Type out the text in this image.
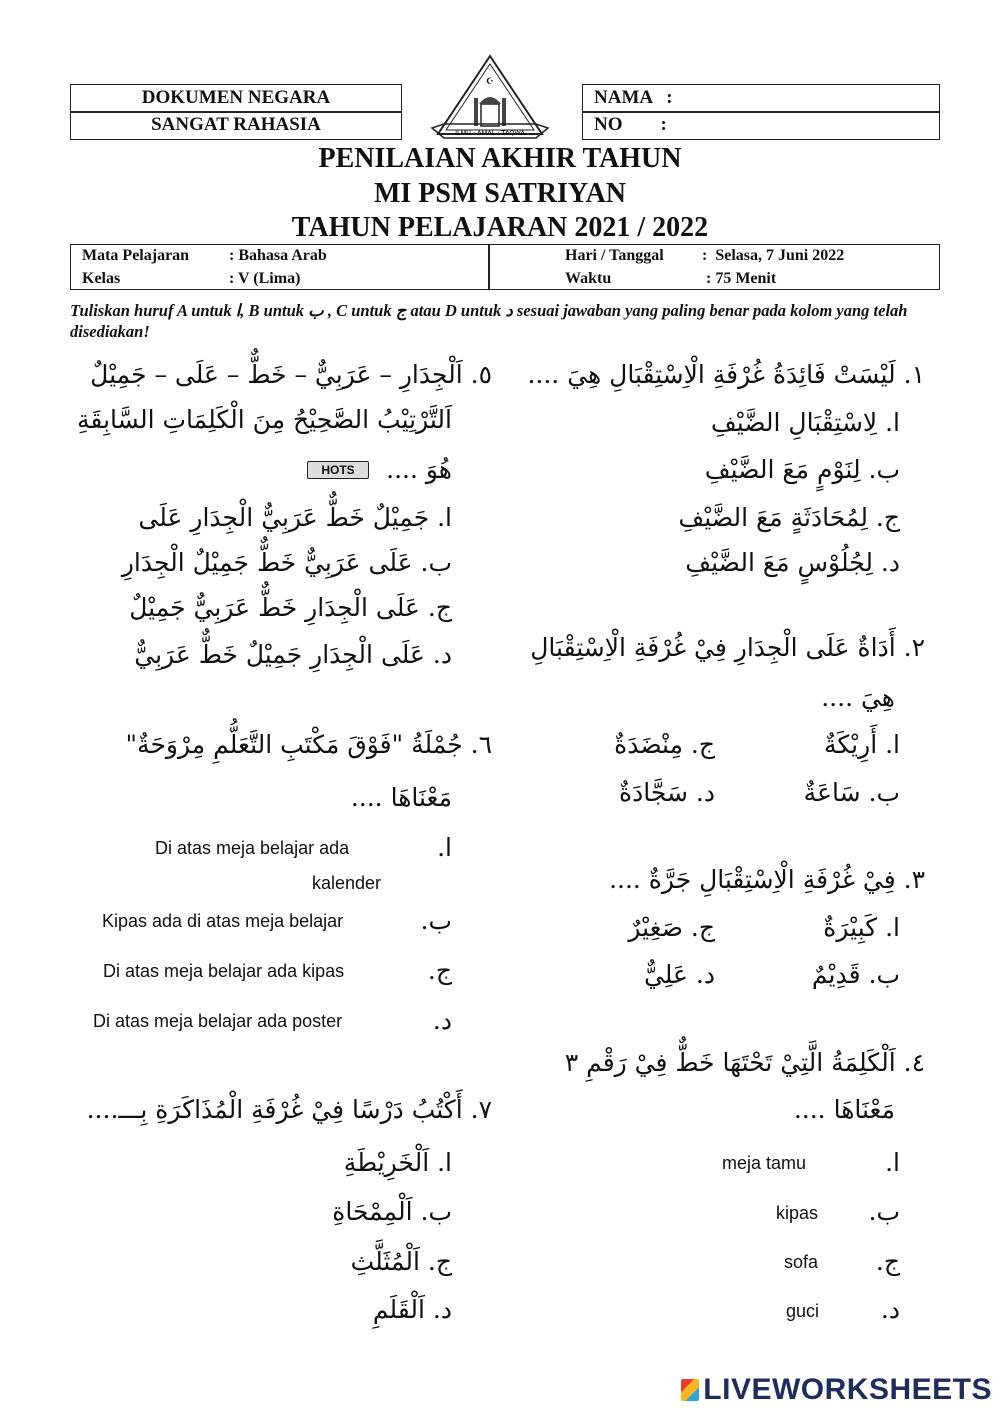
DOKUMEN NEGARA
SANGAT RAHASIA
NAMA   :
NO        :
☪
ILMU · AMAL · TAQWA
PENILAIAN AKHIR TAHUN
MI PSM SATRIYAN
TAHUN PELAJARAN 2021 / 2022
Mata Pelajaran : Bahasa Arab
Kelas	: V (Lima)
Hari / Tanggal :  Selasa, 7 Juni 2022
Waktu	: 75 Menit
Tuliskan huruf A untuk ا, B untuk ب , C untuk ج atau D untuk د sesuai jawaban yang paling benar pada kolom yang telah disediakan!
١. لَيْسَتْ فَائِدَةُ غُرْفَةِ الْاِسْتِقْبَالِ هِيَ ....
ا. لِاسْتِقْبَالِ الضَّيْفِ
ب. لِنَوْمٍ مَعَ الضَّيْفِ
ج. لِمُحَادَثَةٍ مَعَ الضَّيْفِ
د. لِجُلُوْسٍ مَعَ الضَّيْفِ
٢. أَدَاةٌ عَلَى الْجِدَارِ فِيْ غُرْفَةِ الْاِسْتِقْبَالِ
هِيَ ....
ا. أَرِيْكَةٌ
ج. مِنْضَدَةٌ
ب. سَاعَةٌ
د. سَجَّادَةٌ
٣. فِيْ غُرْفَةِ الْاِسْتِقْبَالِ جَرَّةٌ ....
ا. كَبِيْرَةٌ
ج. صَغِيْرٌ
ب. قَدِيْمٌ
د. عَلِيٌّ
٤. اَلْكَلِمَةُ الَّتِيْ تَحْتَهَا خَطٌّ فِيْ رَقْمِ ٣
مَعْنَاهَا ....
ا.
meja tamu
ب.
kipas
ج.
sofa
د.
guci
٥. اَلْجِدَارِ – عَرَبِيٌّ – خَطٌّ – عَلَى – جَمِيْلٌ
اَلتَّرْتِيْبُ الصَّحِيْحُ مِنَ الْكَلِمَاتِ السَّابِقَةِ
هُوَ ....
HOTS
ا. جَمِيْلٌ خَطٌّ عَرَبِيٌّ الْجِدَارِ عَلَى
ب. عَلَى عَرَبِيٌّ خَطٌّ جَمِيْلٌ الْجِدَارِ
ج. عَلَى الْجِدَارِ خَطٌّ عَرَبِيٌّ جَمِيْلٌ
د. عَلَى الْجِدَارِ جَمِيْلٌ خَطٌّ عَرَبِيٌّ
٦. جُمْلَةُ "فَوْقَ مَكْتَبِ التَّعَلُّمِ مِرْوَحَةٌ"
مَعْنَاهَا ....
ا.
Di atas meja belajar ada
kalender
ب.
Kipas ada di atas meja belajar
ج.
Di atas meja belajar ada kipas
د.
Di atas meja belajar ada poster
٧. أَكْتُبُ دَرْسًا فِيْ غُرْفَةِ الْمُذَاكَرَةِ بِـــ....
ا. اَلْخَرِيْطَةِ
ب. اَلْمِمْحَاةِ
ج. اَلْمُثَلَّثِ
د. اَلْقَلَمِ
LIVEWORKSHEETS
